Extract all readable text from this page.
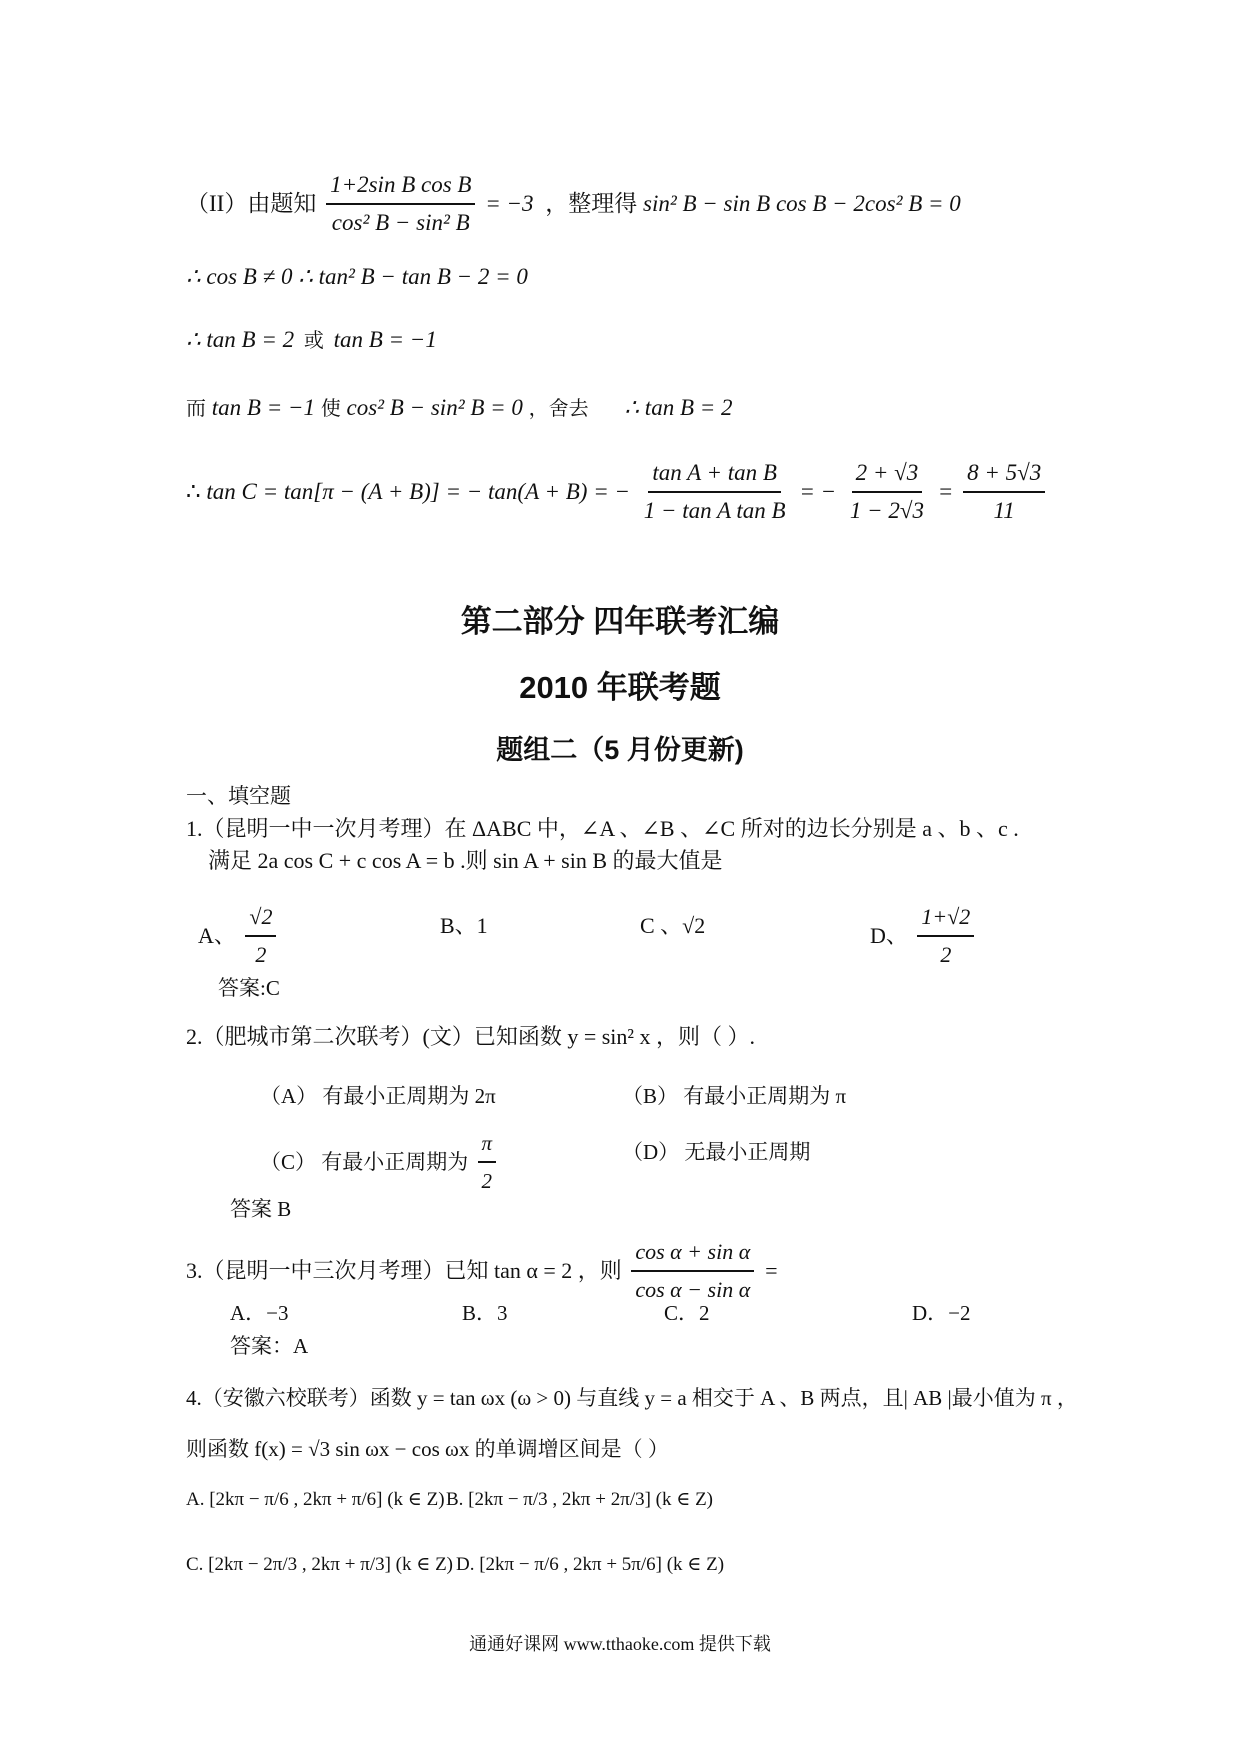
（II）由题知 $\frac{\text{1+2sin B cos B}}{\text{cos² B − sin² B}} = -3$ ，整理得 sin² B − sin B cos B − 2cos² B = 0
∴ cos B ≠ 0 ∴ tan² B − tan B − 2 = 0
∴ tan B = 2 或 tan B = −1
而 tan B = −1 使 cos² B − sin² B = 0 ，舍去 ∴ tan B = 2
∴ tan C = tan[π − (A + B)] = − tan(A + B) = − $\frac{\text{tan A + tan B}}{\text{1 − tan A tan B}}$ = − $\frac{2 + √3}{1 - 2√3} = \frac{8 + 5√3}{11}$
第二部分 四年联考汇编
2010 年联考题
题组二（5 月份更新)
一、填空题
1.（昆明一中一次月考理）在 ΔABC 中，∠A 、∠B 、∠C 所对的边长分别是 a 、b 、c .
满足 2a cos C + c cos A = b .则 sin A + sin B 的最大值是
A、 $\frac{√2}{2}$	B、1	C 、√2	D、 $\frac{1+√2}{2}$
答案:C
2.（肥城市第二次联考）(文）已知函数 y = sin² x ，则（ ）.
（A） 有最小正周期为 2π	（B） 有最小正周期为 π
（C） 有最小正周期为 $\frac{\pi}{2}$	（D） 无最小正周期
答案 B
3.（昆明一中三次月考理）已知 tan α = 2 ，则 $\frac{\text{cos α + sin α}}{\text{cos α − sin α}}$ =
A．−3	B．3	C．2	D．−2
答案：A
4.（安徽六校联考）函数 y = tan ωx (ω > 0) 与直线 y = a 相交于 A 、B 两点，且| AB |最小值为 π ，
则函数 f(x) = √3 sin ωx − cos ωx 的单调增区间是（ ）
A. [2kπ − π/6 , 2kπ + π/6] (k ∈ Z) B. [2kπ − π/3 , 2kπ + 2π/3] (k ∈ Z)
C. [2kπ − 2π/3 , 2kπ + π/3] (k ∈ Z) D. [2kπ − π/6 , 2kπ + 5π/6] (k ∈ Z)
通通好课网 www.tthaoke.com 提供下载
